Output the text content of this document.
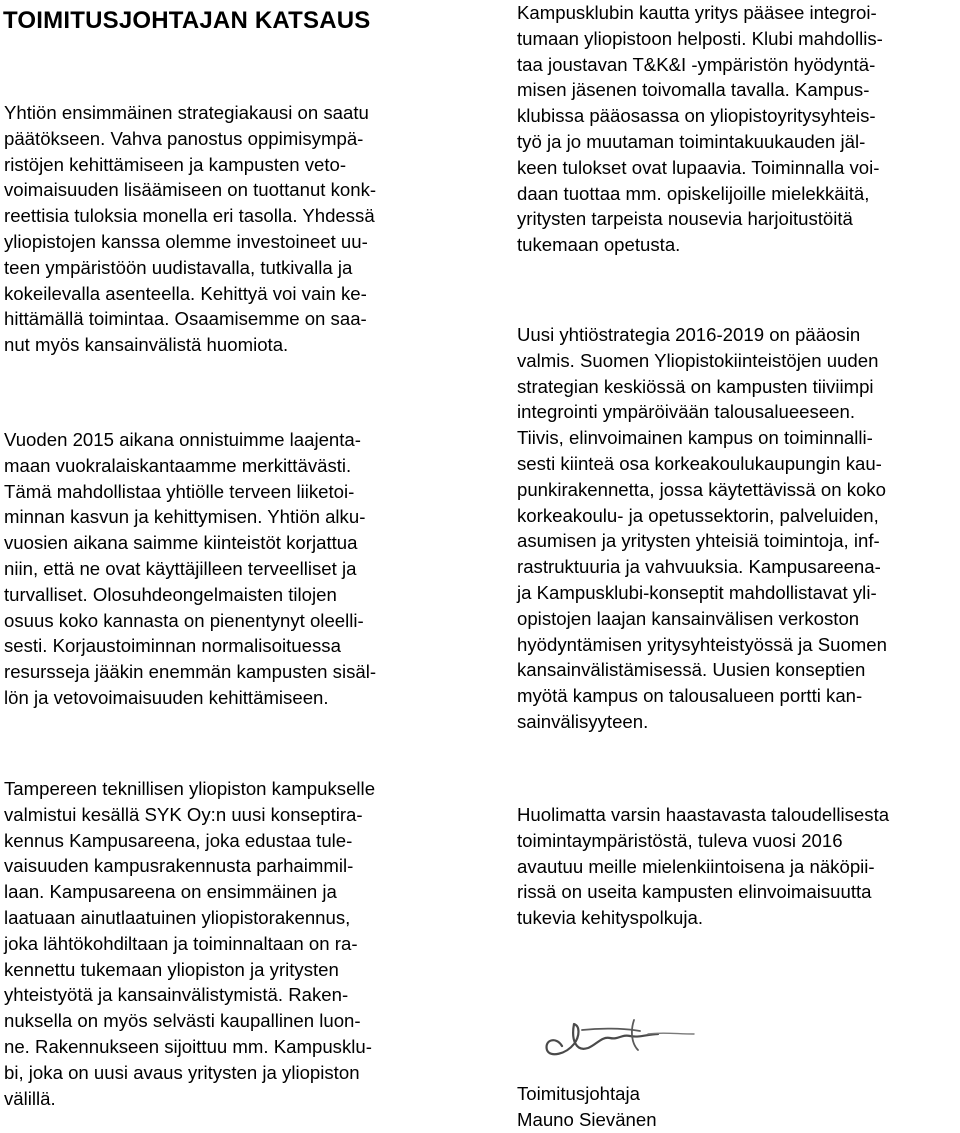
TOIMITUSJOHTAJAN KATSAUS
Yhtiön ensimmäinen strategiakausi on saatu
päätökseen. Vahva panostus oppimisympä-
ristöjen kehittämiseen ja kampusten veto-
voimaisuuden lisäämiseen on tuottanut konk-
reettisia tuloksia monella eri tasolla. Yhdessä
yliopistojen kanssa olemme investoineet uu-
teen ympäristöön uudistavalla, tutkivalla ja
kokeilevalla asenteella. Kehittyä voi vain ke-
hittämällä toimintaa. Osaamisemme on saa-
nut myös kansainvälistä huomiota.
Vuoden 2015 aikana onnistuimme laajenta-
maan vuokralaiskantaamme merkittävästi.
Tämä mahdollistaa yhtiölle terveen liiketoi-
minnan kasvun ja kehittymisen. Yhtiön alku-
vuosien aikana saimme kiinteistöt korjattua
niin, että ne ovat käyttäjilleen terveelliset ja
turvalliset. Olosuhdeongelmaisten tilojen
osuus koko kannasta on pienentynyt oleelli-
sesti. Korjaustoiminnan normalisoituessa
resursseja jääkin enemmän kampusten sisäl-
lön ja vetovoimaisuuden kehittämiseen.
Tampereen teknillisen yliopiston kampukselle
valmistui kesällä SYK Oy:n uusi konseptira-
kennus Kampusareena, joka edustaa tule-
vaisuuden kampusrakennusta parhaimmil-
laan. Kampusareena on ensimmäinen ja
laatuaan ainutlaatuinen yliopistorakennus,
joka lähtökohdiltaan ja toiminnaltaan on ra-
kennettu tukemaan yliopiston ja yritysten
yhteistyötä ja kansainvälistymistä. Raken-
nuksella on myös selvästi kaupallinen luon-
ne. Rakennukseen sijoittuu mm. Kampusklu-
bi, joka on uusi avaus yritysten ja yliopiston
välillä.
Kampusklubin kautta yritys pääsee integroi-
tumaan yliopistoon helposti. Klubi mahdollis-
taa joustavan T&K&I -ympäristön hyödyntä-
misen jäsenen toivomalla tavalla. Kampus-
klubissa pääosassa on yliopistoyritysyhteis-
työ ja jo muutaman toimintakuukauden jäl-
keen tulokset ovat lupaavia. Toiminnalla voi-
daan tuottaa mm. opiskelijoille mielekkäitä,
yritysten tarpeista nousevia harjoitustöitä
tukemaan opetusta.
Uusi yhtiöstrategia 2016-2019 on pääosin
valmis. Suomen Yliopistokiinteistöjen uuden
strategian keskiössä on kampusten tiiviimpi
integrointi ympäröivään talousalueeseen.
Tiivis, elinvoimainen kampus on toiminnalli-
sesti kiinteä osa korkeakoulukaupungin kau-
punkirakennetta, jossa käytettävissä on koko
korkeakoulu- ja opetussektorin, palveluiden,
asumisen ja yritysten yhteisiä toimintoja, inf-
rastruktuuria ja vahvuuksia. Kampusareena-
ja Kampusklubi-konseptit mahdollistavat yli-
opistojen laajan kansainvälisen verkoston
hyödyntämisen yritysyhteistyössä ja Suomen
kansainvälistämisessä. Uusien konseptien
myötä kampus on talousalueen portti kan-
sainvälisyyteen.
Huolimatta varsin haastavasta taloudellisesta
toimintaympäristöstä, tuleva vuosi 2016
avautuu meille mielenkiintoisena ja näköpii-
rissä on useita kampusten elinvoimaisuutta
tukevia kehityspolkuja.
Toimitusjohtaja
Mauno Sievänen
